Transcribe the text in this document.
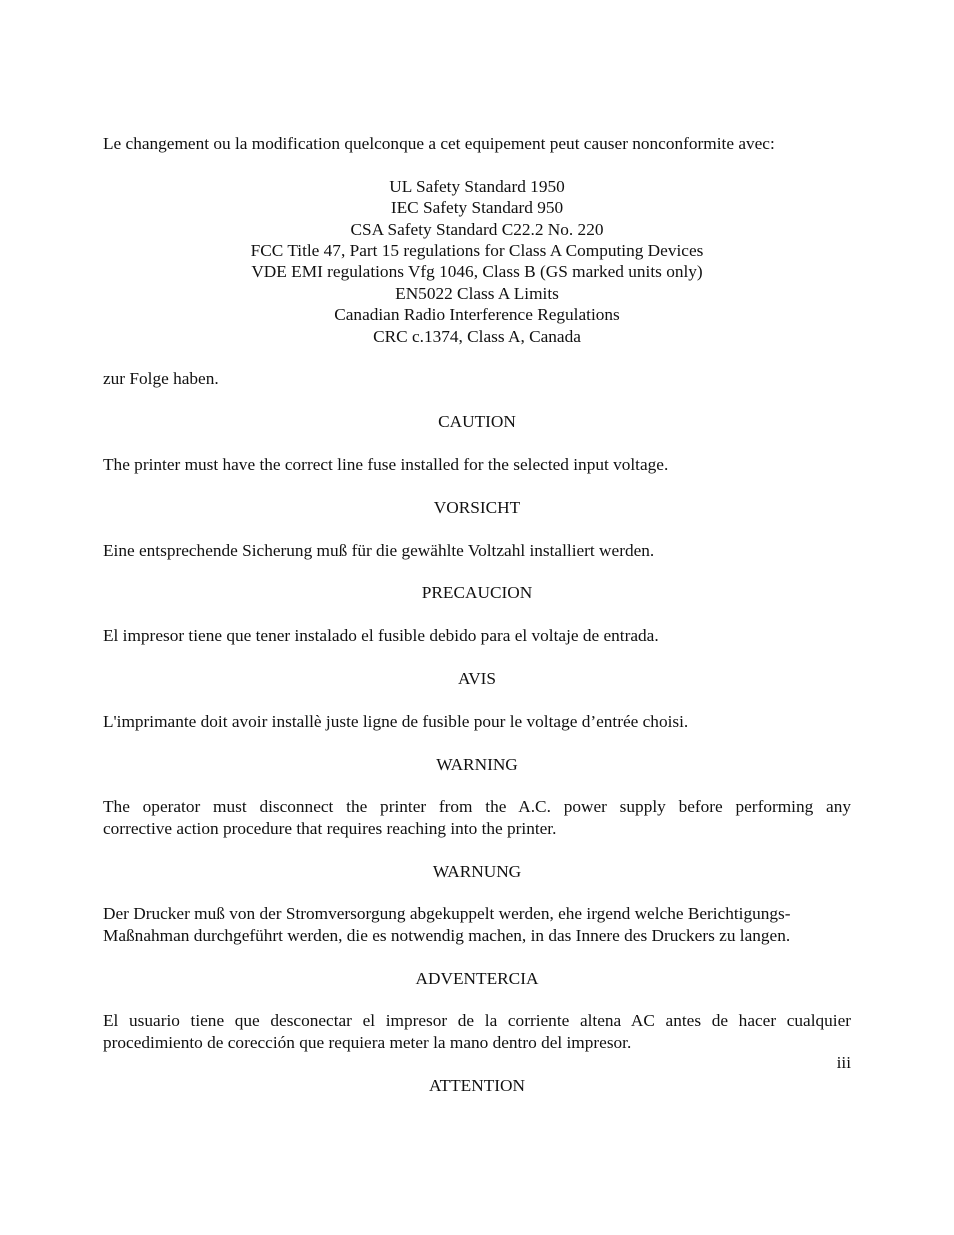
Le changement ou la modification quelconque a cet equipement peut causer nonconformite avec:

UL Safety Standard 1950

IEC Safety Standard 950

CSA Safety Standard C22.2 No. 220

FCC Title 47, Part 15 regulations for Class A Computing Devices

VDE EMI regulations Vfg 1046, Class B (GS marked units only)

EN5022 Class A Limits

Canadian Radio Interference Regulations

CRC c.1374, Class A, Canada

zur Folge haben.

CAUTION

The printer must have the correct line fuse installed for the selected input voltage.

VORSICHT

Eine entsprechende Sicherung muß für die gewählte Voltzahl installiert werden.

PRECAUCION

El impresor tiene que tener instalado el fusible debido para el voltaje de entrada.

AVIS

L'imprimante doit avoir installè juste ligne de fusible pour le voltage d’entrée choisi.

WARNING

The operator must disconnect the printer from the A.C. power supply before performing any

corrective action procedure that requires reaching into the printer.

WARNUNG

Der Drucker muß von der Stromversorgung abgekuppelt werden, ehe irgend welche Berichtigungs-

Maßnahman durchgeführt werden, die es notwendig machen, in das Innere des Druckers zu langen.

ADVENTERCIA

El usuario tiene que desconectar el impresor de la corriente altena AC antes de hacer cualquier

procedimiento de corección que requiera meter la mano dentro del impresor.

ATTENTION

iii
